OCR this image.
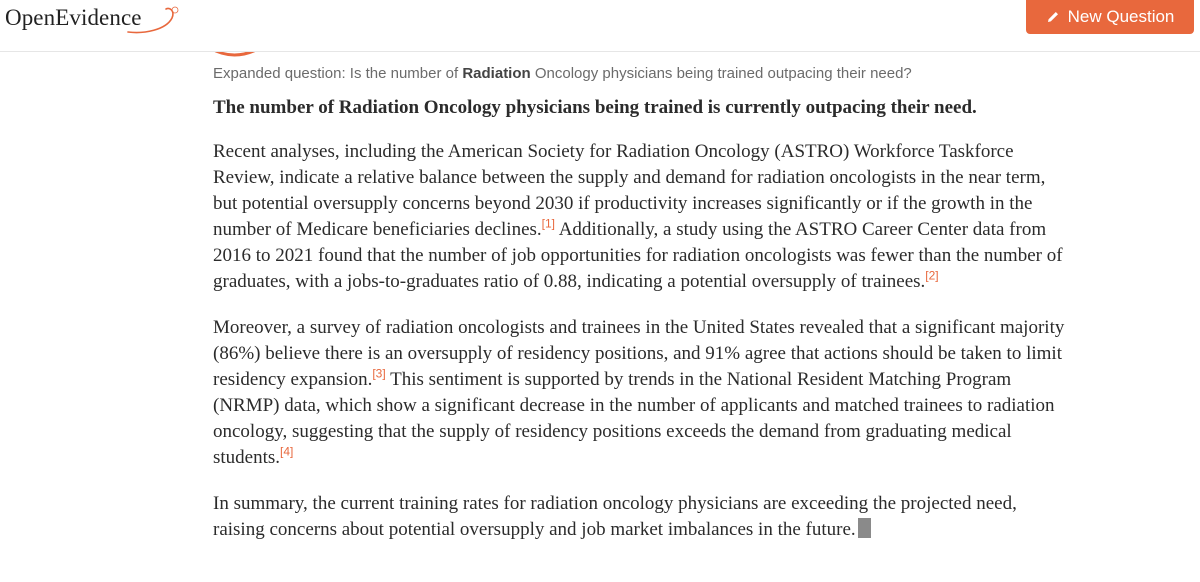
OpenEvidence	New Question

Expanded question: Is the number of Radiation Oncology physicians being trained outpacing their need?

The number of Radiation Oncology physicians being trained is currently outpacing their need.

Recent analyses, including the American Society for Radiation Oncology (ASTRO) Workforce Taskforce Review, indicate a relative balance between the supply and demand for radiation oncologists in the near term, but potential oversupply concerns beyond 2030 if productivity increases significantly or if the growth in the number of Medicare beneficiaries declines.[1] Additionally, a study using the ASTRO Career Center data from 2016 to 2021 found that the number of job opportunities for radiation oncologists was fewer than the number of graduates, with a jobs-to-graduates ratio of 0.88, indicating a potential oversupply of trainees.[2]

Moreover, a survey of radiation oncologists and trainees in the United States revealed that a significant majority (86%) believe there is an oversupply of residency positions, and 91% agree that actions should be taken to limit residency expansion.[3] This sentiment is supported by trends in the National Resident Matching Program (NRMP) data, which show a significant decrease in the number of applicants and matched trainees to radiation oncology, suggesting that the supply of residency positions exceeds the demand from graduating medical students.[4]

In summary, the current training rates for radiation oncology physicians are exceeding the projected need, raising concerns about potential oversupply and job market imbalances in the future.
